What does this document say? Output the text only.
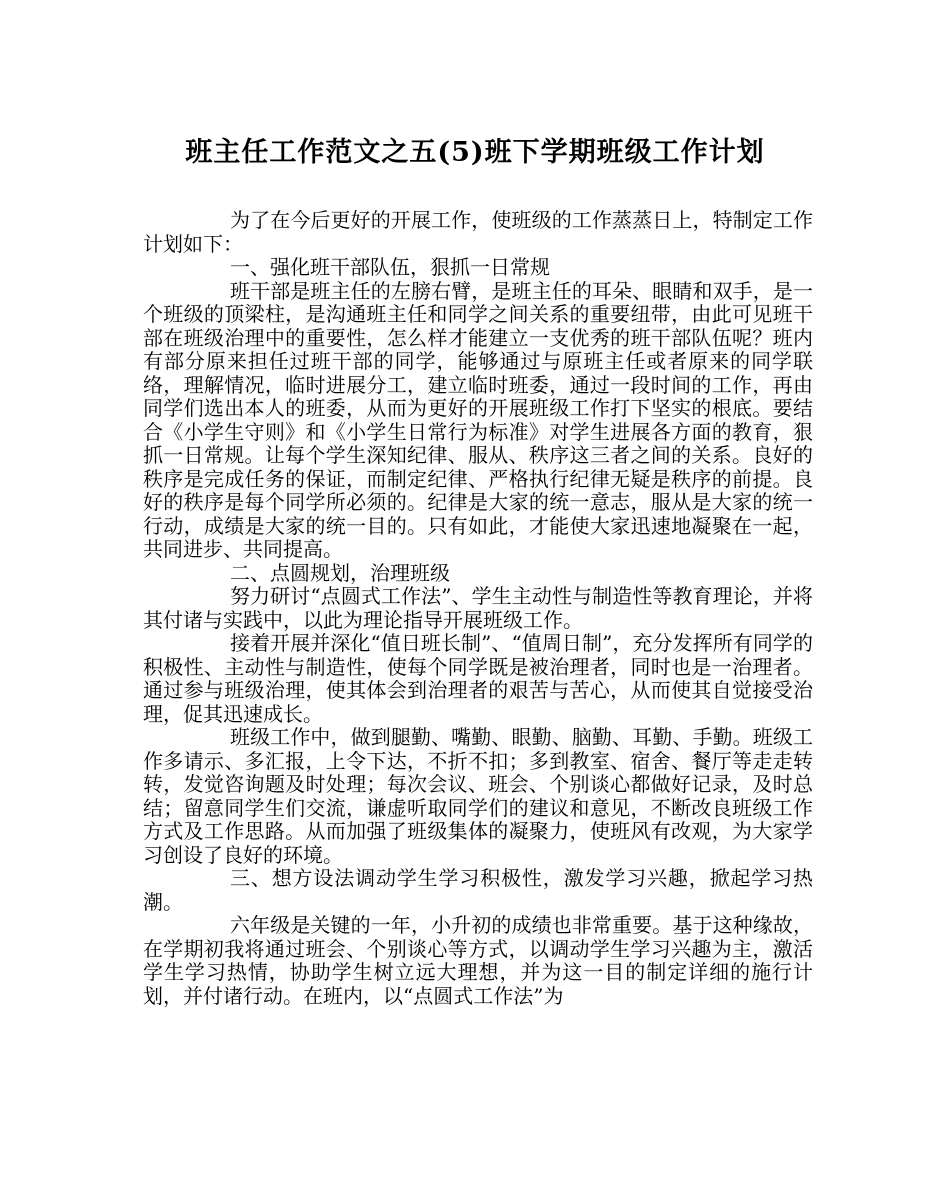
班主任工作范文之五(5)班下学期班级工作计划

为了在今后更好的开展工作，使班级的工作蒸蒸日上，特制定工作计划如下：

一、强化班干部队伍，狠抓一日常规

班干部是班主任的左膀右臂，是班主任的耳朵、眼睛和双手，是一个班级的顶梁柱，是沟通班主任和同学之间关系的重要纽带，由此可见班干部在班级治理中的重要性，怎么样才能建立一支优秀的班干部队伍呢？班内有部分原来担任过班干部的同学，能够通过与原班主任或者原来的同学联络，理解情况，临时进展分工，建立临时班委，通过一段时间的工作，再由同学们选出本人的班委，从而为更好的开展班级工作打下坚实的根底。要结合《小学生守则》和《小学生日常行为标准》对学生进展各方面的教育，狠抓一日常规。让每个学生深知纪律、服从、秩序这三者之间的关系。良好的秩序是完成任务的保证，而制定纪律、严格执行纪律无疑是秩序的前提。良好的秩序是每个同学所必须的。纪律是大家的统一意志，服从是大家的统一行动，成绩是大家的统一目的。只有如此，才能使大家迅速地凝聚在一起，共同进步、共同提高。

二、点圆规划，治理班级

努力研讨“点圆式工作法”、学生主动性与制造性等教育理论，并将其付诸与实践中，以此为理论指导开展班级工作。

接着开展并深化“值日班长制”、“值周日制”，充分发挥所有同学的积极性、主动性与制造性，使每个同学既是被治理者，同时也是一治理者。通过参与班级治理，使其体会到治理者的艰苦与苦心，从而使其自觉接受治理，促其迅速成长。

班级工作中，做到腿勤、嘴勤、眼勤、脑勤、耳勤、手勤。班级工作多请示、多汇报，上令下达，不折不扣；多到教室、宿舍、餐厅等走走转转，发觉咨询题及时处理；每次会议、班会、个别谈心都做好记录，及时总结；留意同学生们交流，谦虚听取同学们的建议和意见，不断改良班级工作方式及工作思路。从而加强了班级集体的凝聚力，使班风有改观，为大家学习创设了良好的环境。

三、想方设法调动学生学习积极性，激发学习兴趣，掀起学习热潮。

六年级是关键的一年，小升初的成绩也非常重要。基于这种缘故，在学期初我将通过班会、个别谈心等方式，以调动学生学习兴趣为主，激活学生学习热情，协助学生树立远大理想，并为这一目的制定详细的施行计划，并付诸行动。在班内，以“点圆式工作法”为
